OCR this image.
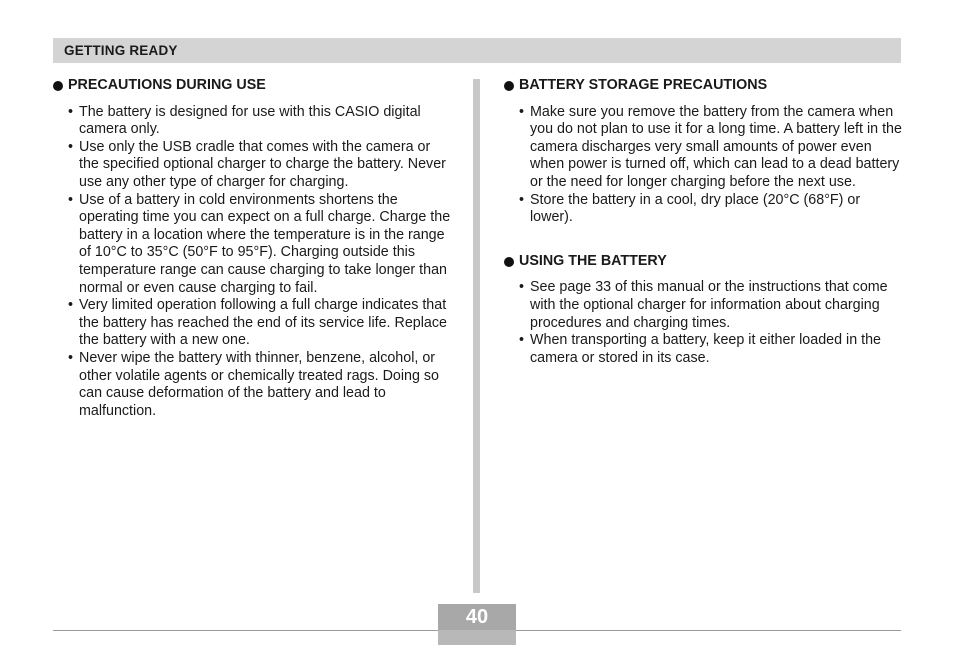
GETTING READY
PRECAUTIONS DURING USE
• The battery is designed for use with this CASIO digital camera only.
• Use only the USB cradle that comes with the camera or the specified optional charger to charge the battery. Never use any other type of charger for charging.
• Use of a battery in cold environments shortens the operating time you can expect on a full charge. Charge the battery in a location where the temperature is in the range of 10°C to 35°C (50°F to 95°F). Charging outside this temperature range can cause charging to take longer than normal or even cause charging to fail.
• Very limited operation following a full charge indicates that the battery has reached the end of its service life. Replace the battery with a new one.
• Never wipe the battery with thinner, benzene, alcohol, or other volatile agents or chemically treated rags. Doing so can cause deformation of the battery and lead to malfunction.
BATTERY STORAGE PRECAUTIONS
• Make sure you remove the battery from the camera when you do not plan to use it for a long time. A battery left in the camera discharges very small amounts of power even when power is turned off, which can lead to a dead battery or the need for longer charging before the next use.
• Store the battery in a cool, dry place (20°C (68°F) or lower).
USING THE BATTERY
• See page 33 of this manual or the instructions that come with the optional charger for information about charging procedures and charging times.
• When transporting a battery, keep it either loaded in the camera or stored in its case.
40
